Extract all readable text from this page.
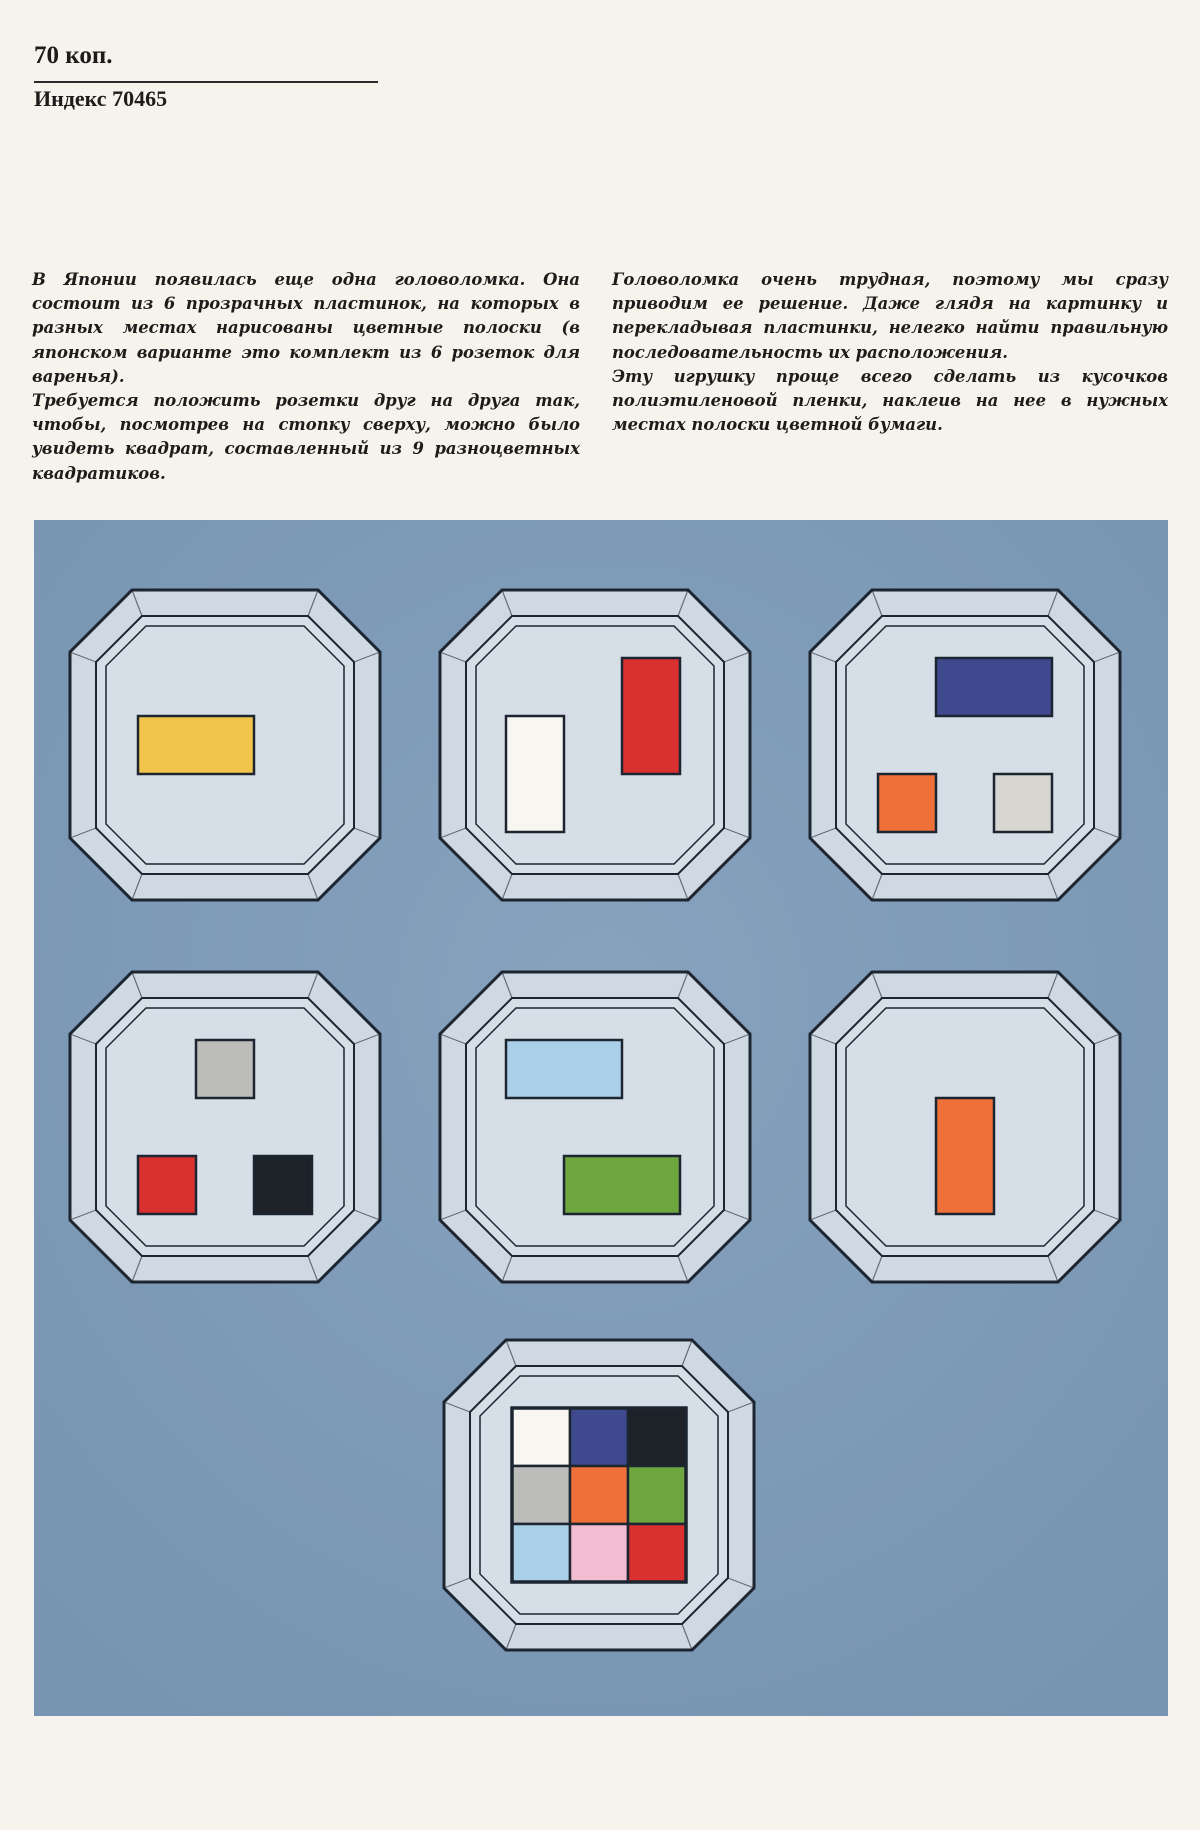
70 коп.
Индекс 70465

В Японии появилась еще одна головоломка. Она состоит из 6 прозрачных пластинок, на которых в разных местах нарисованы цветные полоски (в японском варианте это комплект из 6 розеток для варенья).

Требуется положить розетки друг на друга так, чтобы, посмотрев на стопку сверху, можно было увидеть квадрат, составленный из 9 разноцветных квадратиков.

Головоломка очень трудная, поэтому мы сразу приводим ее решение. Даже глядя на картинку и перекладывая пластинки, нелегко найти правильную последовательность их расположения.

Эту игрушку проще всего сделать из кусочков полиэтиленовой пленки, наклеив на нее в нужных местах полоски цветной бумаги.
